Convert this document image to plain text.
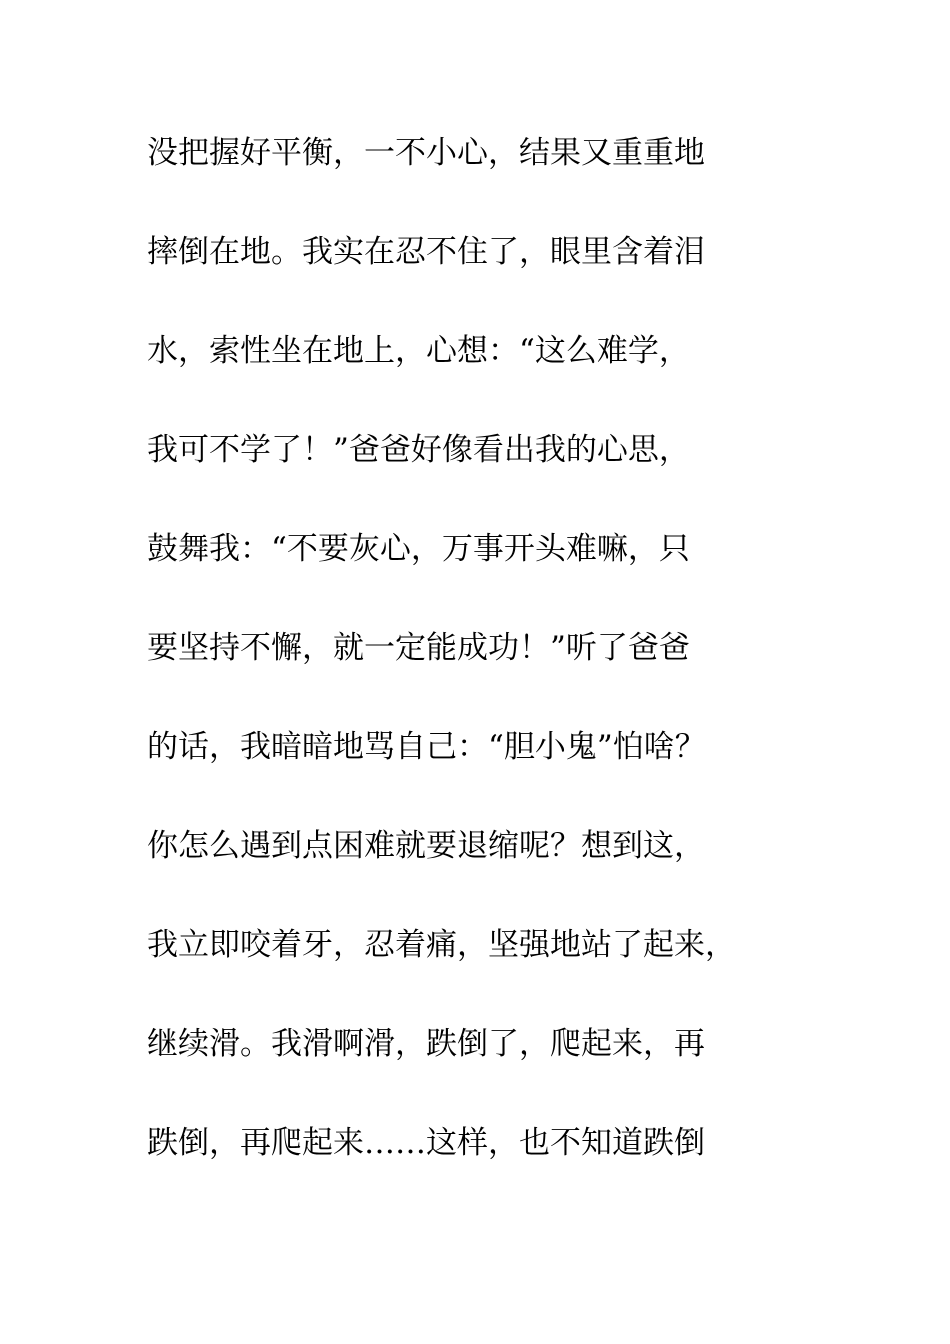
没把握好平衡，一不小心，结果又重重地
摔倒在地。我实在忍不住了，眼里含着泪
水，索性坐在地上，心想：“这么难学，
我可不学了！”爸爸好像看出我的心思，
鼓舞我：“不要灰心，万事开头难嘛，只
要坚持不懈，就一定能成功！”听了爸爸
的话，我暗暗地骂自己：“胆小鬼”怕啥？
你怎么遇到点困难就要退缩呢？想到这，
我立即咬着牙，忍着痛，坚强地站了起来，
继续滑。我滑啊滑，跌倒了，爬起来，再
跌倒，再爬起来……这样，也不知道跌倒
